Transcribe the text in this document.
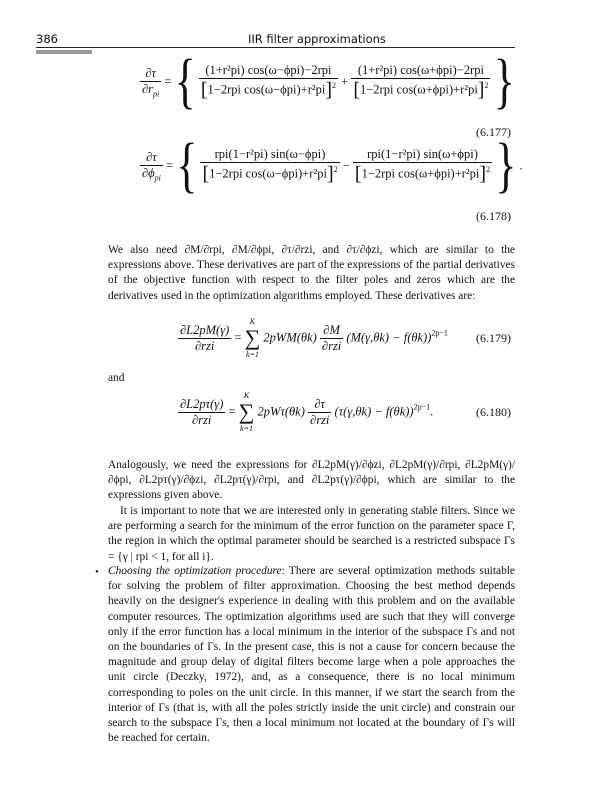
386	IIR filter approximations
$\frac{\partial\tau}{\partial r_{pi}}$ = { $\frac{\text{(1+r²pi) cos(ω−ϕpi)−2rpi}}{[1-2rpi \cos(\omega-\phi pi)+r^2pi]^2} + \frac{\text{(1+r²pi) cos(ω+ϕpi)−2rpi}}{[1-2rpi \cos(\omega+\phi pi)+r^2pi]^2}$ }
(6.177)
$\frac{\partial\tau}{\partial\phi_{pi}}$ = { $\frac{\text{rpi(1−r²pi) sin(ω−ϕpi)}}{[1-2rpi \cos(\omega-\phi pi)+r^2pi]^2} - \frac{\text{rpi(1−r²pi) sin(ω+ϕpi)}}{[1-2rpi \cos(\omega+\phi pi)+r^2pi]^2}$ } .
(6.178)
We also need ∂M/∂rpi, ∂M/∂ϕpi, ∂τ/∂rzi, and ∂τ/∂ϕzi, which are similar to the expressions above. These derivatives are part of the expressions of the partial derivatives of the objective function with respect to the filter poles and zeros which are the derivatives used in the optimization algorithms employed. These derivatives are:
$\frac{\partial L2pM(\gamma)}{\text{∂rzi}}$ =
K
∑
k=1
$2pWM(\theta k) \frac{\partial M}{\text{∂rzi}} (M(\gamma,\theta k) - f(\theta k))^{2p-1}$ (6.179)
and
$\frac{\partial L2p\tau(\gamma)}{\text{∂rzi}}$ =
K
∑
k=1
$2pW\tau(\theta k) \frac{\partial\tau}{\text{∂rzi}} (\tau(\gamma,\theta k) - f(\theta k))^{2p-1}$.	(6.180)
Analogously, we need the expressions for ∂L2pM(γ)/∂ϕzi, ∂L2pM(γ)/∂rpi, ∂L2pM(γ)/∂ϕpi, ∂L2pτ(γ)/∂ϕzi, ∂L2pτ(γ)/∂rpi, and ∂L2pτ(γ)/∂ϕpi, which are similar to the expressions given above.
It is important to note that we are interested only in generating stable filters. Since we are performing a search for the minimum of the error function on the parameter space Γ, the region in which the optimal parameter should be searched is a restricted subspace Γs = {γ | rpi < 1, for all i}.
• Choosing the optimization procedure: There are several optimization methods suitable for solving the problem of filter approximation. Choosing the best method depends heavily on the designer's experience in dealing with this problem and on the available computer resources. The optimization algorithms used are such that they will converge only if the error function has a local minimum in the interior of the subspace Γs and not on the boundaries of Γs. In the present case, this is not a cause for concern because the magnitude and group delay of digital filters become large when a pole approaches the unit circle (Deczky, 1972), and, as a consequence, there is no local minimum corresponding to poles on the unit circle. In this manner, if we start the search from the interior of Γs (that is, with all the poles strictly inside the unit circle) and constrain our search to the subspace Γs, then a local minimum not located at the boundary of Γs will be reached for certain.
